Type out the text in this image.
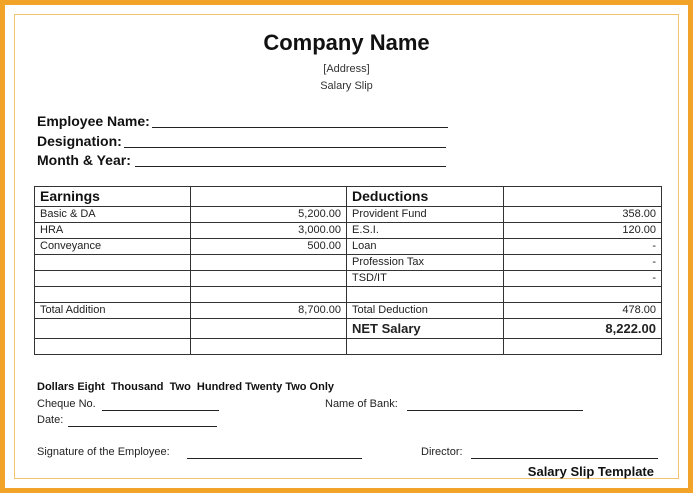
Company Name
[Address]
Salary Slip
Employee Name:
Designation:
Month & Year:
Earnings		Deductions	
Basic & DA	5,200.00	Provident Fund	358.00
HRA	3,000.00	E.S.I.	120.00
Conveyance	500.00	Loan	-
		Profession Tax	-
		TSD/IT	-

Total Addition	8,700.00	Total Deduction	478.00
		NET Salary	8,222.00

Dollars Eight  Thousand  Two  Hundred Twenty Two Only
Cheque No.	Name of Bank:
Date:
Signature of the Employee:	Director:
Salary Slip Template
